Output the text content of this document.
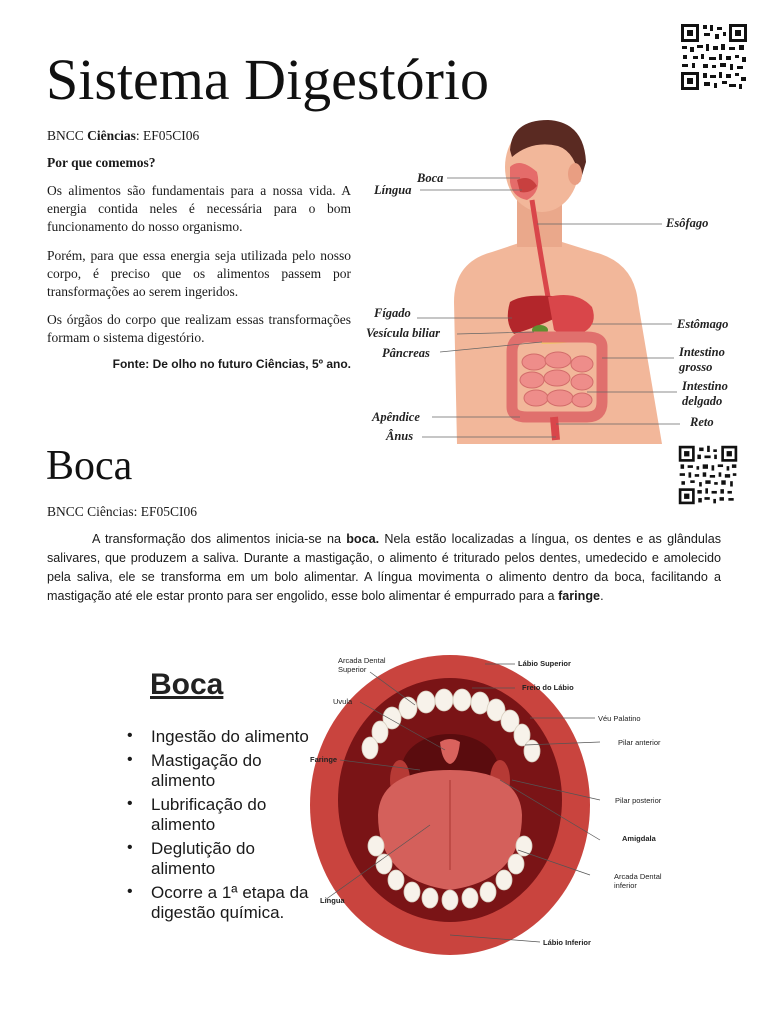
Sistema Digestório

BNCC Ciências: EF05CI06

Por que comemos?

Os alimentos são fundamentais para a nossa vida. A energia contida neles é necessária para o bom funcionamento do nosso organismo.

Porém, para que essa energia seja utilizada pelo nosso corpo, é preciso que os alimentos passem por transformações ao serem ingeridos.

Os órgãos do corpo que realizam essas transformações formam o sistema digestório.

Fonte: De olho no futuro Ciências, 5º ano.

Boca
Língua
Esôfago
Fígado
Vesícula biliar
Pâncreas
Estômago
Intestino
grosso
Intestino
delgado
Apêndice	Reto
Ânus
Boca

BNCC Ciências: EF05CI06

A transformação dos alimentos inicia-se na boca. Nela estão localizadas a língua, os dentes e as glândulas salivares, que produzem a saliva. Durante a mastigação, o alimento é triturado pelos dentes, umedecido e amolecido pela saliva, ele se transforma em um bolo alimentar. A língua movimenta o alimento dentro da boca, facilitando a mastigação até ele estar pronto para ser engolido, esse bolo alimentar é empurrado para a faringe.

Boca
• Ingestão do alimento
• Mastigação do alimento
• Lubrificação do alimento
• Deglutição do alimento
• Ocorre a 1ª etapa da digestão química.
Arcada Dental
Superior
Lábio Superior
Freio do Lábio
Uvula
Véu Palatino
Pilar anterior
Faringe
Pilar posterior
Amigdala
Arcada Dental
inferior
Lingua
Lábio Inferior
